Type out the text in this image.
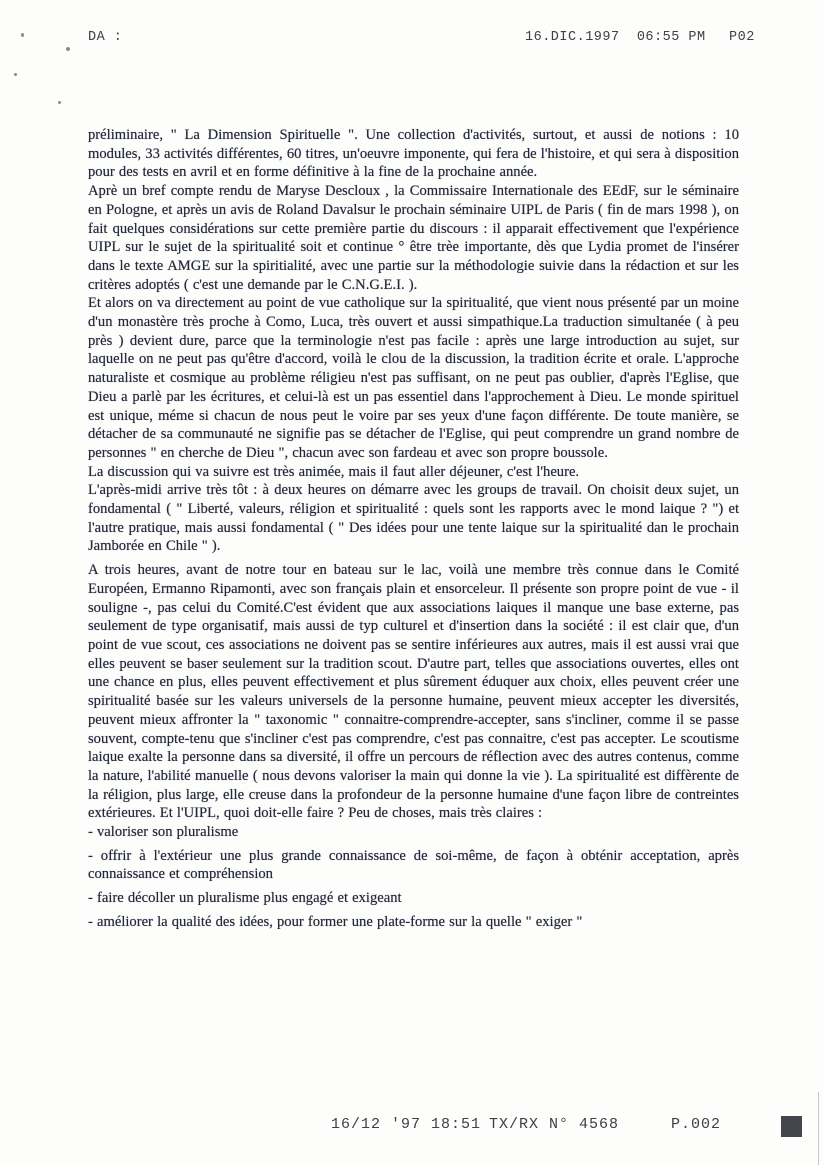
DA :	16.DIC.1997  06:55 PM P02

préliminaire, " La Dimension Spirituelle ". Une collection d'activités, surtout, et aussi de notions : 10 modules, 33 activités différentes, 60 titres, un'oeuvre imponente, qui fera de l'histoire, et qui sera à disposition pour des tests en avril et en forme définitive à la fine de la prochaine année.

Aprè un bref compte rendu de Maryse Descloux , la Commissaire Internationale des EEdF, sur le séminaire en Pologne, et après un avis de Roland Davalsur le prochain séminaire UIPL de Paris ( fin de mars 1998 ), on fait quelques considérations sur cette première partie du discours : il apparait effectivement que l'expérience UIPL sur le sujet de la spiritualité soit et continue ° être trèe importante, dès que Lydia promet de l'insérer dans le texte AMGE sur la spiritialité, avec une partie sur la méthodologie suivie dans la rédaction et sur les critères adoptés ( c'est une demande par le C.N.G.E.I. ).

Et alors on va directement au point de vue catholique sur la spiritualité, que vient nous présenté par un moine d'un monastère très proche à Como, Luca, très ouvert et aussi simpathique.La traduction simultanée ( à peu près ) devient dure, parce que la terminologie n'est pas facile : après une large introduction au sujet, sur laquelle on ne peut pas qu'être d'accord, voilà le clou de la discussion, la tradition écrite et orale. L'approche naturaliste et cosmique au problème réligieu n'est pas suffisant, on ne peut pas oublier, d'après l'Eglise, que Dieu a parlè par les écritures, et celui-là est un pas essentiel dans l'approchement à Dieu. Le monde spirituel est unique, méme si chacun de nous peut le voire par ses yeux d'une façon différente. De toute manière, se détacher de sa communauté ne signifie pas se détacher de l'Eglise, qui peut comprendre un grand nombre de personnes " en cherche de Dieu ", chacun avec son fardeau et avec son propre boussole.

La discussion qui va suivre est très animée, mais il faut aller déjeuner, c'est l'heure.

L'après-midi arrive très tôt : à deux heures on démarre avec les groups de travail. On choisit deux sujet, un fondamental ( " Liberté, valeurs, réligion et spiritualité : quels sont les rapports avec le mond laique ? ") et l'autre pratique, mais aussi fondamental ( " Des idées pour une tente laique sur la spiritualité dan le prochain Jamborée en Chile " ).

A trois heures, avant de notre tour en bateau sur le lac, voilà une membre très connue dans le Comité Européen, Ermanno Ripamonti, avec son français plain et ensorceleur. Il présente son propre point de vue - il souligne -, pas celui du Comité.C'est évident que aux associations laiques il manque une base externe, pas seulement de type organisatif, mais aussi de typ culturel et d'insertion dans la société : il est clair que, d'un point de vue scout, ces associations ne doivent pas se sentire inférieures aux autres, mais il est aussi vrai que elles peuvent se baser seulement sur la tradition scout. D'autre part, telles que associations ouvertes, elles ont une chance en plus, elles peuvent effectivement et plus sûrement éduquer aux choix, elles peuvent créer une spiritualité basée sur les valeurs universels de la personne humaine, peuvent mieux accepter les diversités, peuvent mieux affronter la " taxonomic " connaitre-comprendre-accepter, sans s'incliner, comme il se passe souvent, compte-tenu que s'incliner c'est pas comprendre, c'est pas connaitre, c'est pas accepter. Le scoutisme laique exalte la personne dans sa diversité, il offre un percours de réflection avec des autres contenus, comme la nature, l'abilité manuelle ( nous devons valoriser la main qui donne la vie ). La spiritualité est diffèrente de la réligion, plus large, elle creuse dans la profondeur de la personne humaine d'une façon libre de contreintes extérieures. Et l'UIPL, quoi doit-elle faire ? Peu de choses, mais très claires :

- valoriser son pluralisme

- offrir à l'extérieur une plus grande connaissance de soi-même, de façon à obténir acceptation, après connaissance et compréhension

- faire décoller un pluralisme plus engagé et exigeant

- améliorer la qualité des idées, pour former une plate-forme sur la quelle " exiger "

16/12 '97 18:51 TX/RX N° 4568	P.002
